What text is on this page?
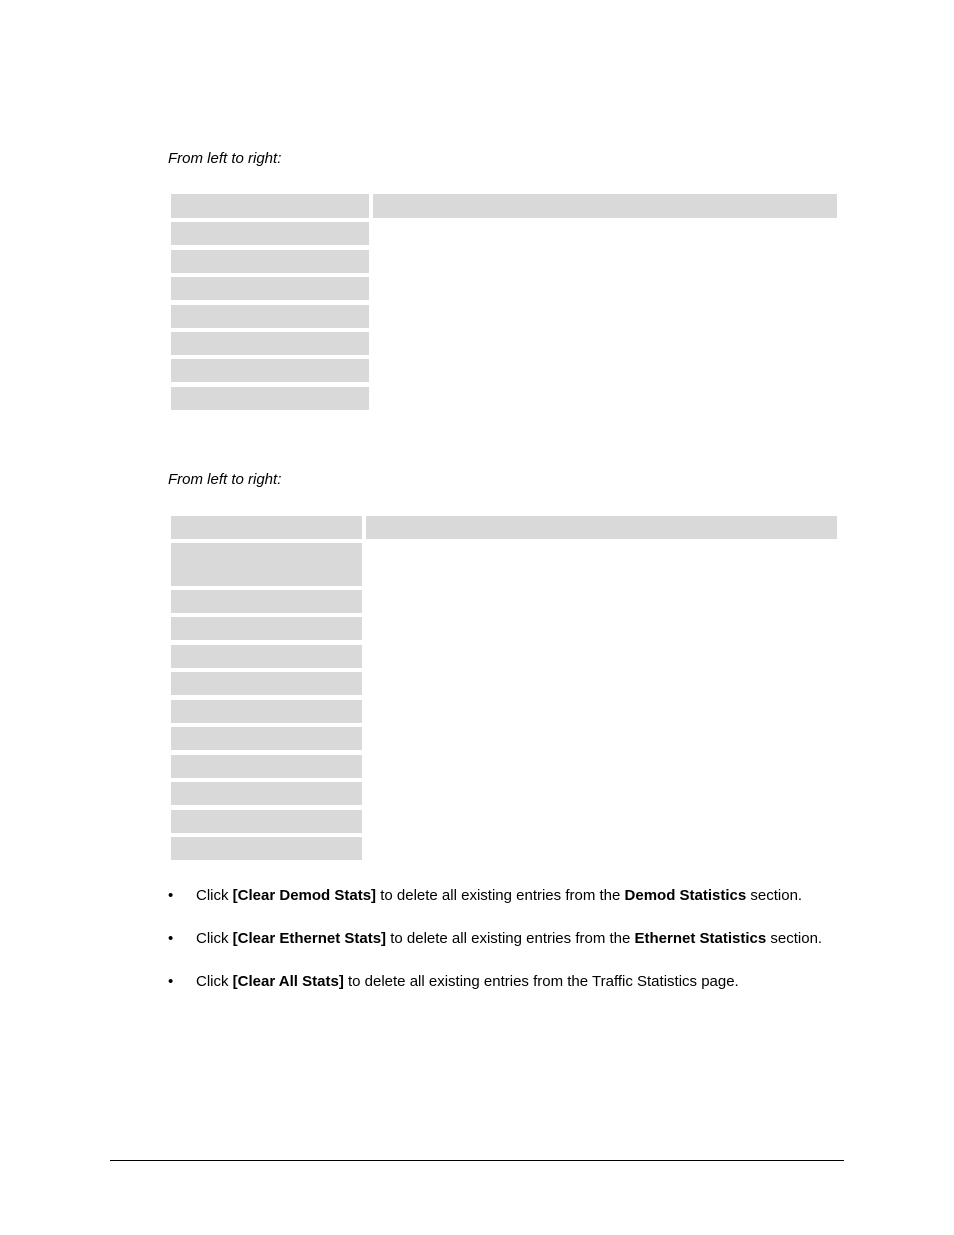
From left to right:

From left to right:

• Click [Clear Demod Stats] to delete all existing entries from the Demod Statistics section.
• Click [Clear Ethernet Stats] to delete all existing entries from the Ethernet Statistics section.
• Click [Clear All Stats] to delete all existing entries from the Traffic Statistics page.
